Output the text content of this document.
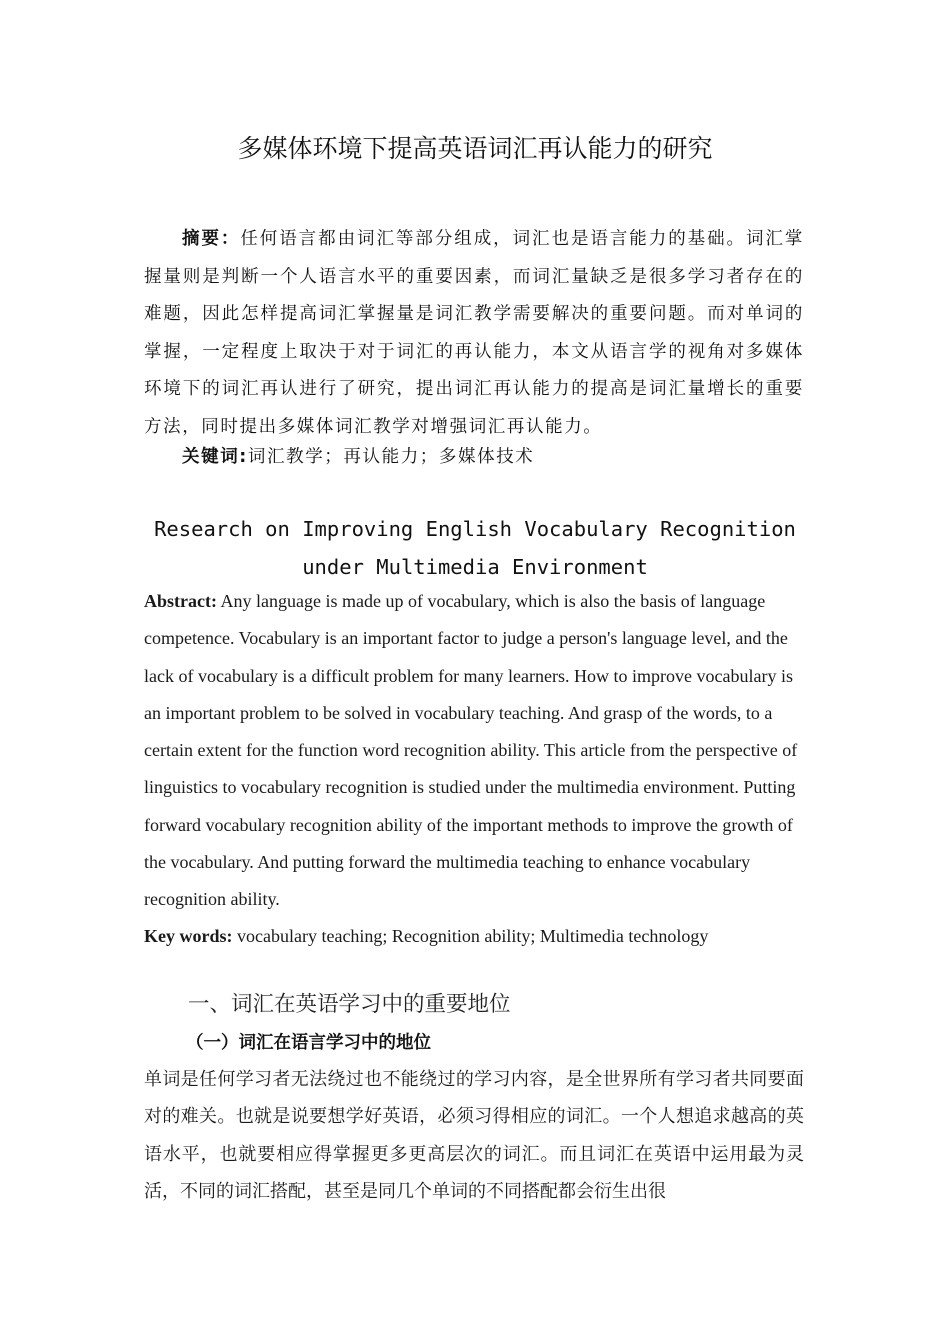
多媒体环境下提高英语词汇再认能力的研究
摘要：任何语言都由词汇等部分组成，词汇也是语言能力的基础。词汇掌握量则是判断一个人语言水平的重要因素，而词汇量缺乏是很多学习者存在的难题，因此怎样提高词汇掌握量是词汇教学需要解决的重要问题。而对单词的掌握，一定程度上取决于对于词汇的再认能力，本文从语言学的视角对多媒体环境下的词汇再认进行了研究，提出词汇再认能力的提高是词汇量增长的重要方法，同时提出多媒体词汇教学对增强词汇再认能力。
关键词:词汇教学；再认能力；多媒体技术
Research on Improving English Vocabulary Recognition under Multimedia Environment
Abstract: Any language is made up of vocabulary, which is also the basis of language competence. Vocabulary is an important factor to judge a person's language level, and the lack of vocabulary is a difficult problem for many learners. How to improve vocabulary is an important problem to be solved in vocabulary teaching. And grasp of the words, to a certain extent for the function word recognition ability. This article from the perspective of linguistics to vocabulary recognition is studied under the multimedia environment. Putting forward vocabulary recognition ability of the important methods to improve the growth of the vocabulary. And putting forward the multimedia teaching to enhance vocabulary recognition ability.
Key words: vocabulary teaching; Recognition ability; Multimedia technology
一、词汇在英语学习中的重要地位
（一）词汇在语言学习中的地位
单词是任何学习者无法绕过也不能绕过的学习内容，是全世界所有学习者共同要面对的难关。也就是说要想学好英语，必须习得相应的词汇。一个人想追求越高的英语水平，也就要相应得掌握更多更高层次的词汇。而且词汇在英语中运用最为灵活，不同的词汇搭配，甚至是同几个单词的不同搭配都会衍生出很
